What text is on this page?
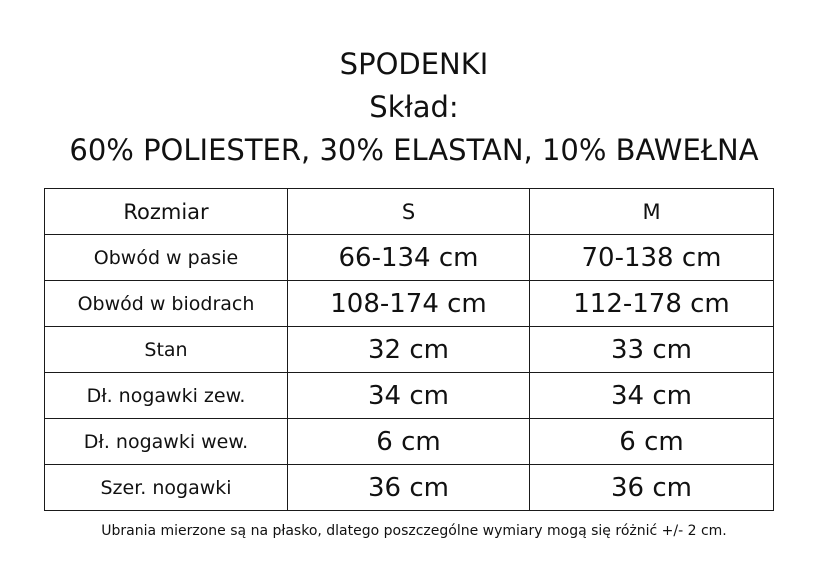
SPODENKI
Skład:
60% POLIESTER, 30% ELASTAN, 10% BAWEŁNA
Rozmiar	S	M
Obwód w pasie	66-134 cm	70-138 cm
Obwód w biodrach	108-174 cm	112-178 cm
Stan	32 cm	33 cm
Dł. nogawki zew.	34 cm	34 cm
Dł. nogawki wew.	6 cm	6 cm
Szer. nogawki	36 cm	36 cm
Ubrania mierzone są na płasko, dlatego poszczególne wymiary mogą się różnić +/- 2 cm.
